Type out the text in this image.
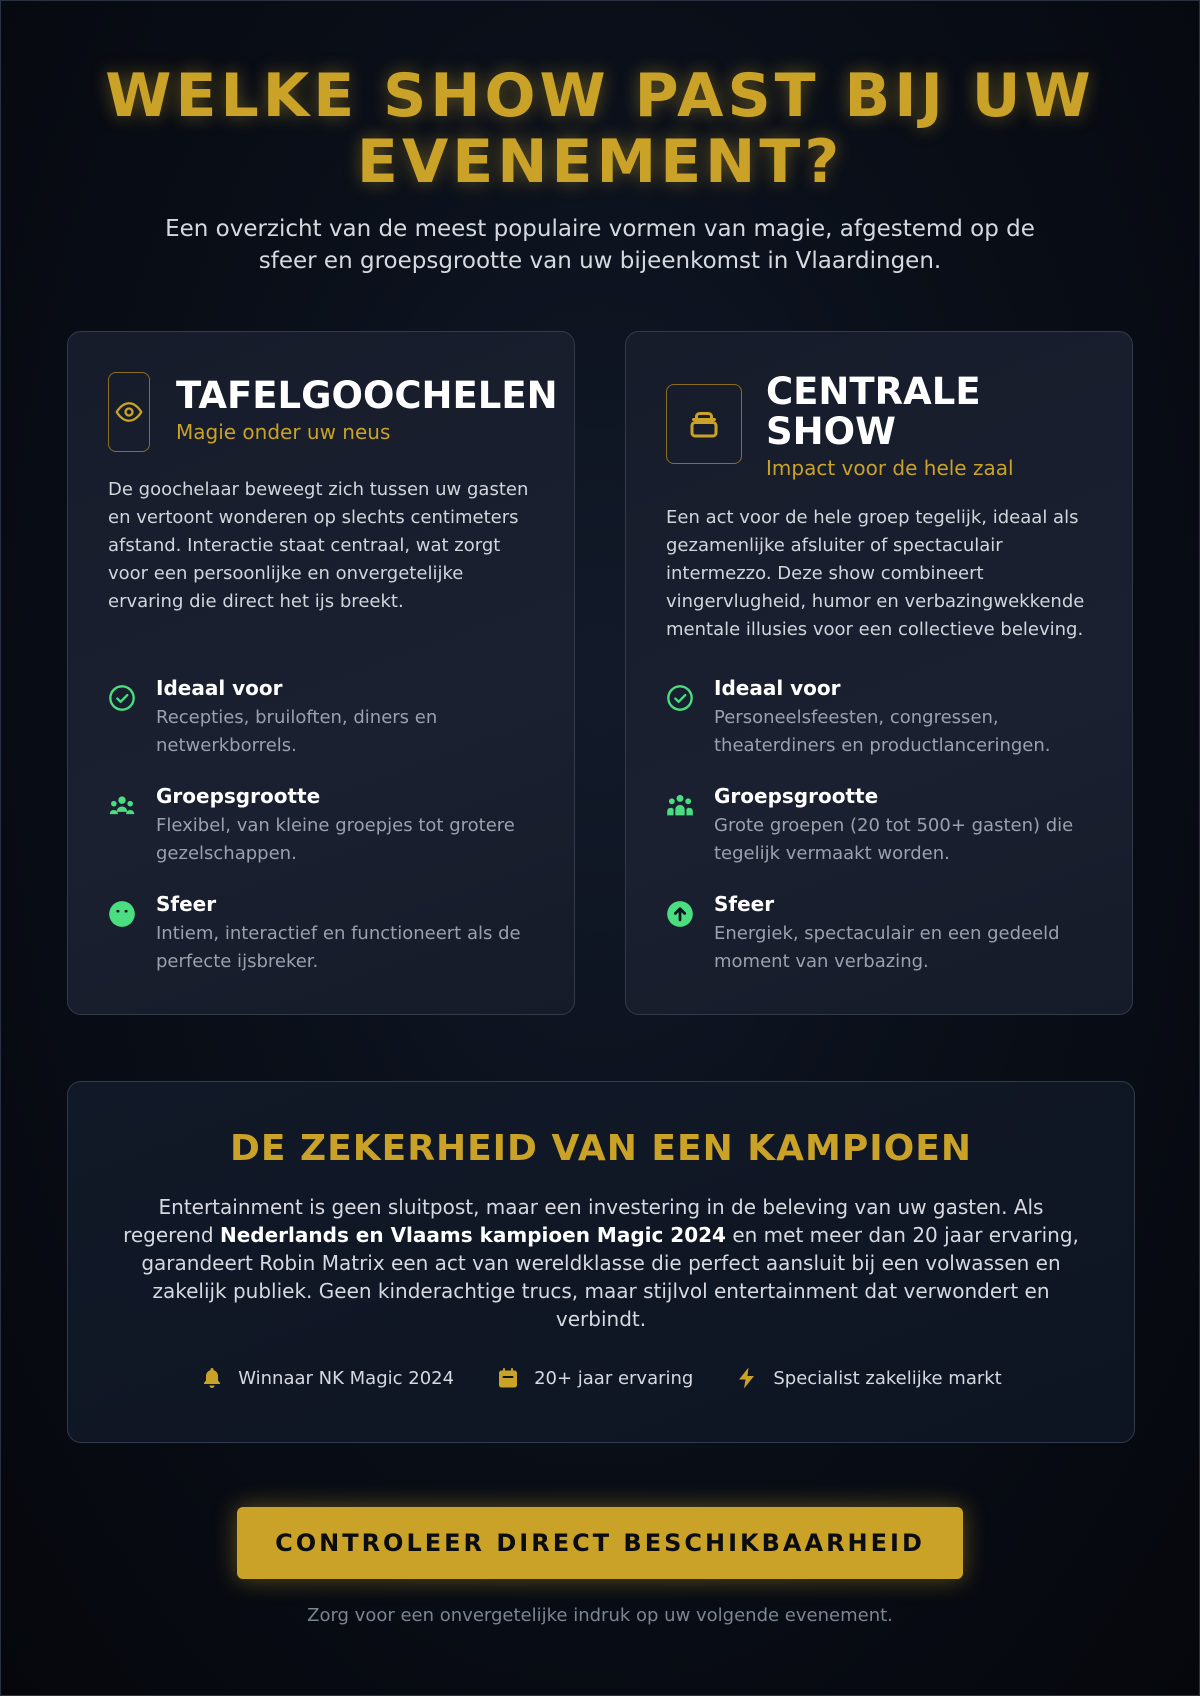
WELKE SHOW PAST BIJ UW EVENEMENT?

Een overzicht van de meest populaire vormen van magie, afgestemd op de sfeer en groepsgrootte van uw bijeenkomst in Vlaardingen.

TAFELGOOCHELEN
Magie onder uw neus
De goochelaar beweegt zich tussen uw gasten en vertoont wonderen op slechts centimeters afstand. Interactie staat centraal, wat zorgt voor een persoonlijke en onvergetelijke ervaring die direct het ijs breekt.
Ideaal voor
Recepties, bruiloften, diners en netwerkborrels.
Groepsgrootte
Flexibel, van kleine groepjes tot grotere gezelschappen.
Sfeer
Intiem, interactief en functioneert als de perfecte ijsbreker.
CENTRALE SHOW
Impact voor de hele zaal
Een act voor de hele groep tegelijk, ideaal als gezamenlijke afsluiter of spectaculair intermezzo. Deze show combineert vingervlugheid, humor en verbazingwekkende mentale illusies voor een collectieve beleving.
Ideaal voor
Personeelsfeesten, congressen, theaterdiners en productlanceringen.
Groepsgrootte
Grote groepen (20 tot 500+ gasten) die tegelijk vermaakt worden.
Sfeer
Energiek, spectaculair en een gedeeld moment van verbazing.
DE ZEKERHEID VAN EEN KAMPIOEN

Entertainment is geen sluitpost, maar een investering in de beleving van uw gasten. Als regerend Nederlands en Vlaams kampioen Magic 2024 en met meer dan 20 jaar ervaring, garandeert Robin Matrix een act van wereldklasse die perfect aansluit bij een volwassen en zakelijk publiek. Geen kinderachtige trucs, maar stijlvol entertainment dat verwondert en verbindt.

Winnaar NK Magic 2024	20+ jaar ervaring	Specialist zakelijke markt
CONTROLEER DIRECT BESCHIKBAARHEID
Zorg voor een onvergetelijke indruk op uw volgende evenement.
